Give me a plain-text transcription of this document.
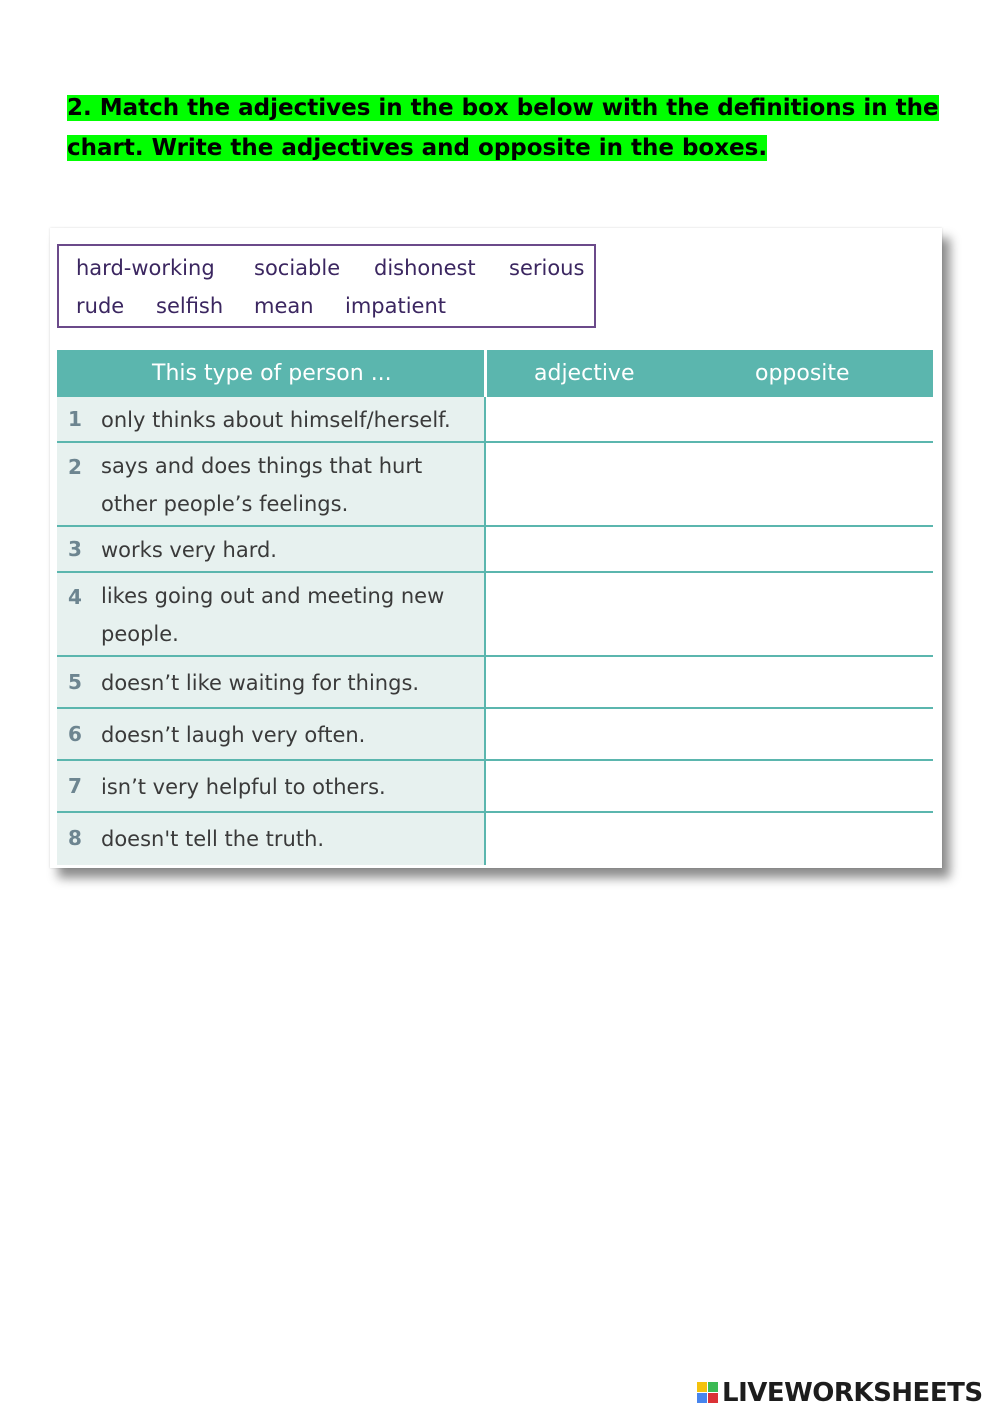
2. Match the adjectives in the box below with the definitions in the
chart. Write the adjectives and opposite in the boxes.
hard-working sociable dishonest serious
rude selfish mean impatient
This type of person ...	adjective	opposite
1 only thinks about himself/herself.
2 says and does things that hurt other people’s feelings.
3 works very hard.
4 likes going out and meeting new people.
5 doesn’t like waiting for things.
6 doesn’t laugh very often.
7 isn’t very helpful to others.
8 doesn't tell the truth.
LIVEWORKSHEETS
